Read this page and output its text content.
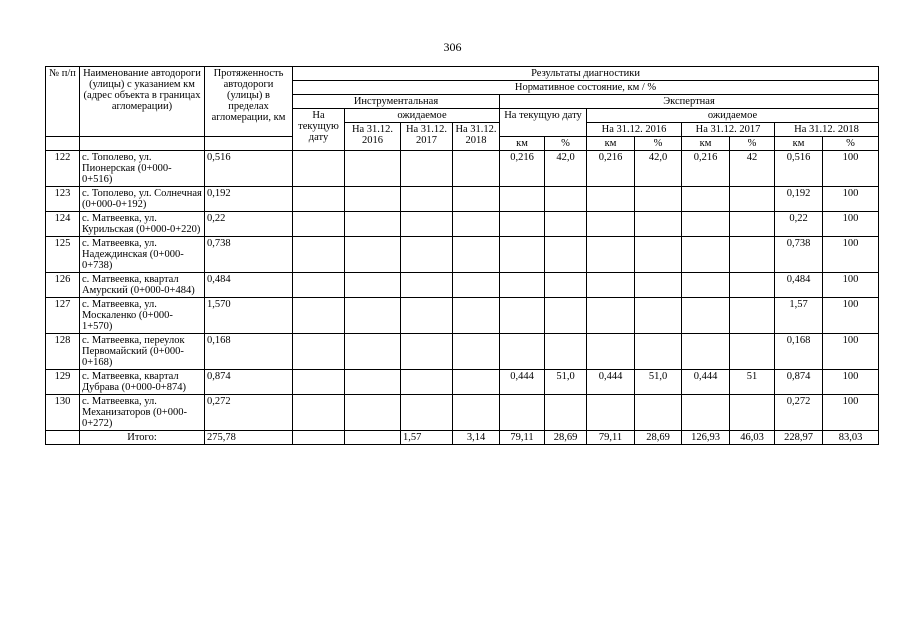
306
№ п/п	Наименование автодороги (улицы) с указанием км (адрес объекта в границах агломерации)	Протяженность автодороги (улицы) в пределах агломерации, км	Результаты диагностики											
			Нормативное состояние, км / %											
			Инструментальная				Экспертная							
			На текущую дату	ожидаемое			На текущую дату		ожидаемое					
				На 31.12. 2016	На 31.12. 2017	На 31.12. 2018			На 31.12. 2016		На 31.12. 2017		На 31.12. 2018	
							км	%	км	%	км	%	км	%
122	с. Тополево, ул. Пионерская (0+000-0+516)	0,516					0,216	42,0	0,216	42,0	0,216	42	0,516	100
123	с. Тополево, ул. Солнечная (0+000-0+192)	0,192											0,192	100
124	с. Матвеевка, ул. Курильская (0+000-0+220)	0,22											0,22	100
125	с. Матвеевка, ул. Надеждинская (0+000-0+738)	0,738											0,738	100
126	с. Матвеевка, квартал Амурский (0+000-0+484)	0,484											0,484	100
127	с. Матвеевка, ул. Москаленко (0+000-1+570)	1,570											1,57	100
128	с. Матвеевка, переулок Первомайский (0+000-0+168)	0,168											0,168	100
129	с. Матвеевка, квартал Дубрава (0+000-0+874)	0,874					0,444	51,0	0,444	51,0	0,444	51	0,874	100
130	с. Матвеевка, ул. Механизаторов (0+000-0+272)	0,272											0,272	100
	Итого:	275,78			1,57	3,14	79,11	28,69	79,11	28,69	126,93	46,03	228,97	83,03
